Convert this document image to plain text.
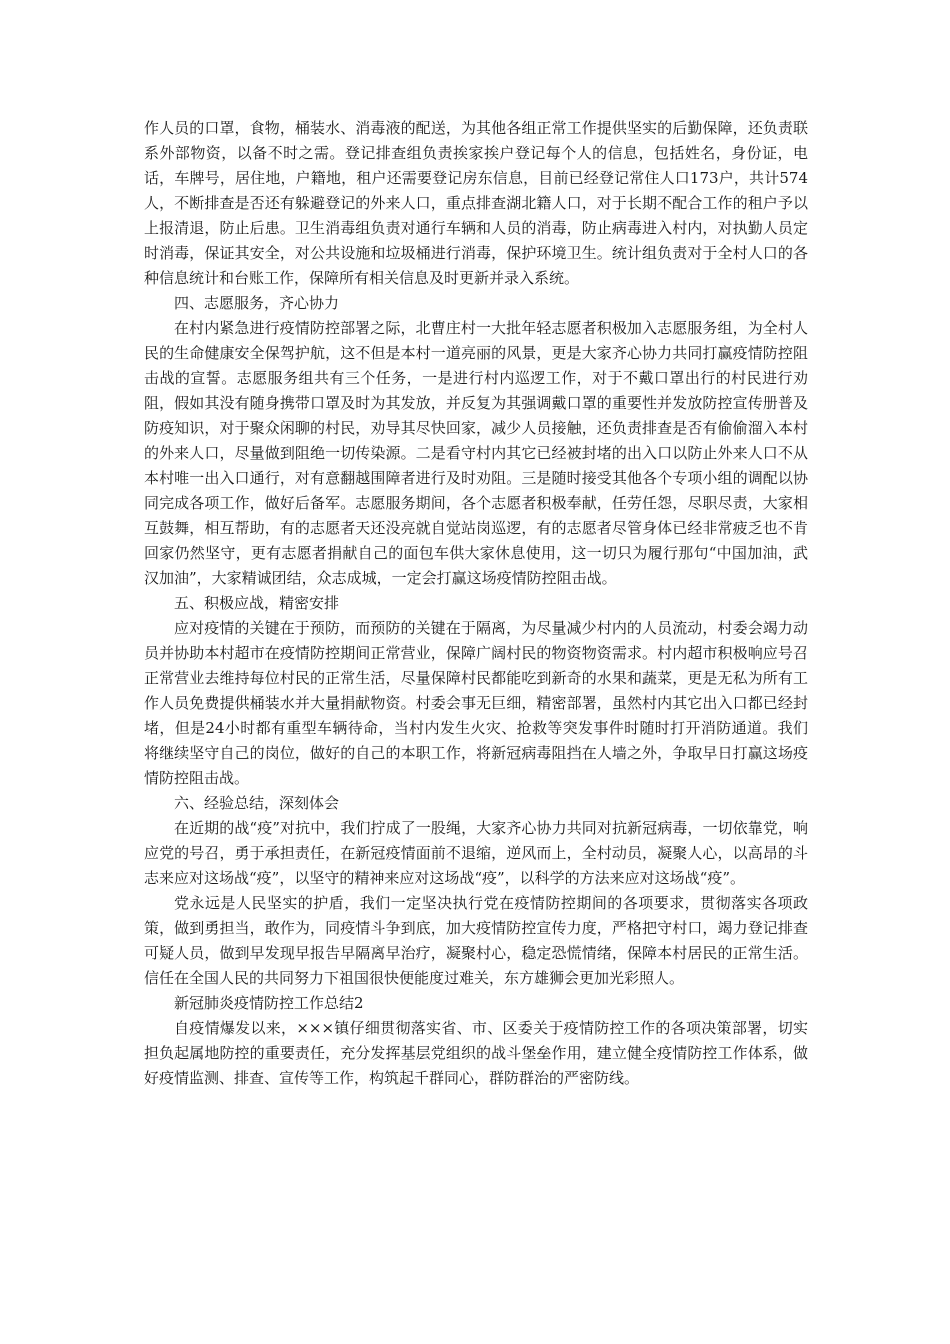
作人员的口罩，食物，桶装水、消毒液的配送，为其他各组正常工作提供坚实的后勤保障，还负责联系外部物资，以备不时之需。登记排查组负责挨家挨户登记每个人的信息，包括姓名，身份证，电话，车牌号，居住地，户籍地，租户还需要登记房东信息，目前已经登记常住人口173户，共计574人，不断排查是否还有躲避登记的外来人口，重点排查湖北籍人口，对于长期不配合工作的租户予以上报清退，防止后患。卫生消毒组负责对通行车辆和人员的消毒，防止病毒进入村内，对执勤人员定时消毒，保证其安全，对公共设施和垃圾桶进行消毒，保护环境卫生。统计组负责对于全村人口的各种信息统计和台账工作，保障所有相关信息及时更新并录入系统。

四、志愿服务，齐心协力

在村内紧急进行疫情防控部署之际，北曹庄村一大批年轻志愿者积极加入志愿服务组，为全村人民的生命健康安全保驾护航，这不但是本村一道亮丽的风景，更是大家齐心协力共同打赢疫情防控阻击战的宣誓。志愿服务组共有三个任务，一是进行村内巡逻工作，对于不戴口罩出行的村民进行劝阻，假如其没有随身携带口罩及时为其发放，并反复为其强调戴口罩的重要性并发放防控宣传册普及防疫知识，对于聚众闲聊的村民，劝导其尽快回家，减少人员接触，还负责排查是否有偷偷溜入本村的外来人口，尽量做到阻绝一切传染源。二是看守村内其它已经被封堵的出入口以防止外来人口不从本村唯一出入口通行，对有意翻越围障者进行及时劝阻。三是随时接受其他各个专项小组的调配以协同完成各项工作，做好后备军。志愿服务期间，各个志愿者积极奉献，任劳任怨，尽职尽责，大家相互鼓舞，相互帮助，有的志愿者天还没亮就自觉站岗巡逻，有的志愿者尽管身体已经非常疲乏也不肯回家仍然坚守，更有志愿者捐献自己的面包车供大家休息使用，这一切只为履行那句“中国加油，武汉加油”，大家精诚团结，众志成城，一定会打赢这场疫情防控阻击战。

五、积极应战，精密安排

应对疫情的关键在于预防，而预防的关键在于隔离，为尽量减少村内的人员流动，村委会竭力动员并协助本村超市在疫情防控期间正常营业，保障广阔村民的物资物资需求。村内超市积极响应号召正常营业去维持每位村民的正常生活，尽量保障村民都能吃到新奇的水果和蔬菜，更是无私为所有工作人员免费提供桶装水并大量捐献物资。村委会事无巨细，精密部署，虽然村内其它出入口都已经封堵，但是24小时都有重型车辆待命，当村内发生火灾、抢救等突发事件时随时打开消防通道。我们将继续坚守自己的岗位，做好的自己的本职工作，将新冠病毒阻挡在人墙之外，争取早日打赢这场疫情防控阻击战。

六、经验总结，深刻体会

在近期的战“疫”对抗中，我们拧成了一股绳，大家齐心协力共同对抗新冠病毒，一切依靠党，响应党的号召，勇于承担责任，在新冠疫情面前不退缩，逆风而上，全村动员，凝聚人心，以高昂的斗志来应对这场战“疫”，以坚守的精神来应对这场战“疫”，以科学的方法来应对这场战“疫”。

党永远是人民坚实的护盾，我们一定坚决执行党在疫情防控期间的各项要求，贯彻落实各项政策，做到勇担当，敢作为，同疫情斗争到底，加大疫情防控宣传力度，严格把守村口，竭力登记排查可疑人员，做到早发现早报告早隔离早治疗，凝聚村心，稳定恐慌情绪，保障本村居民的正常生活。信任在全国人民的共同努力下祖国很快便能度过难关，东方雄狮会更加光彩照人。

新冠肺炎疫情防控工作总结2

自疫情爆发以来，×××镇仔细贯彻落实省、市、区委关于疫情防控工作的各项决策部署，切实担负起属地防控的重要责任，充分发挥基层党组织的战斗堡垒作用，建立健全疫情防控工作体系，做好疫情监测、排查、宣传等工作，构筑起千群同心，群防群治的严密防线。
